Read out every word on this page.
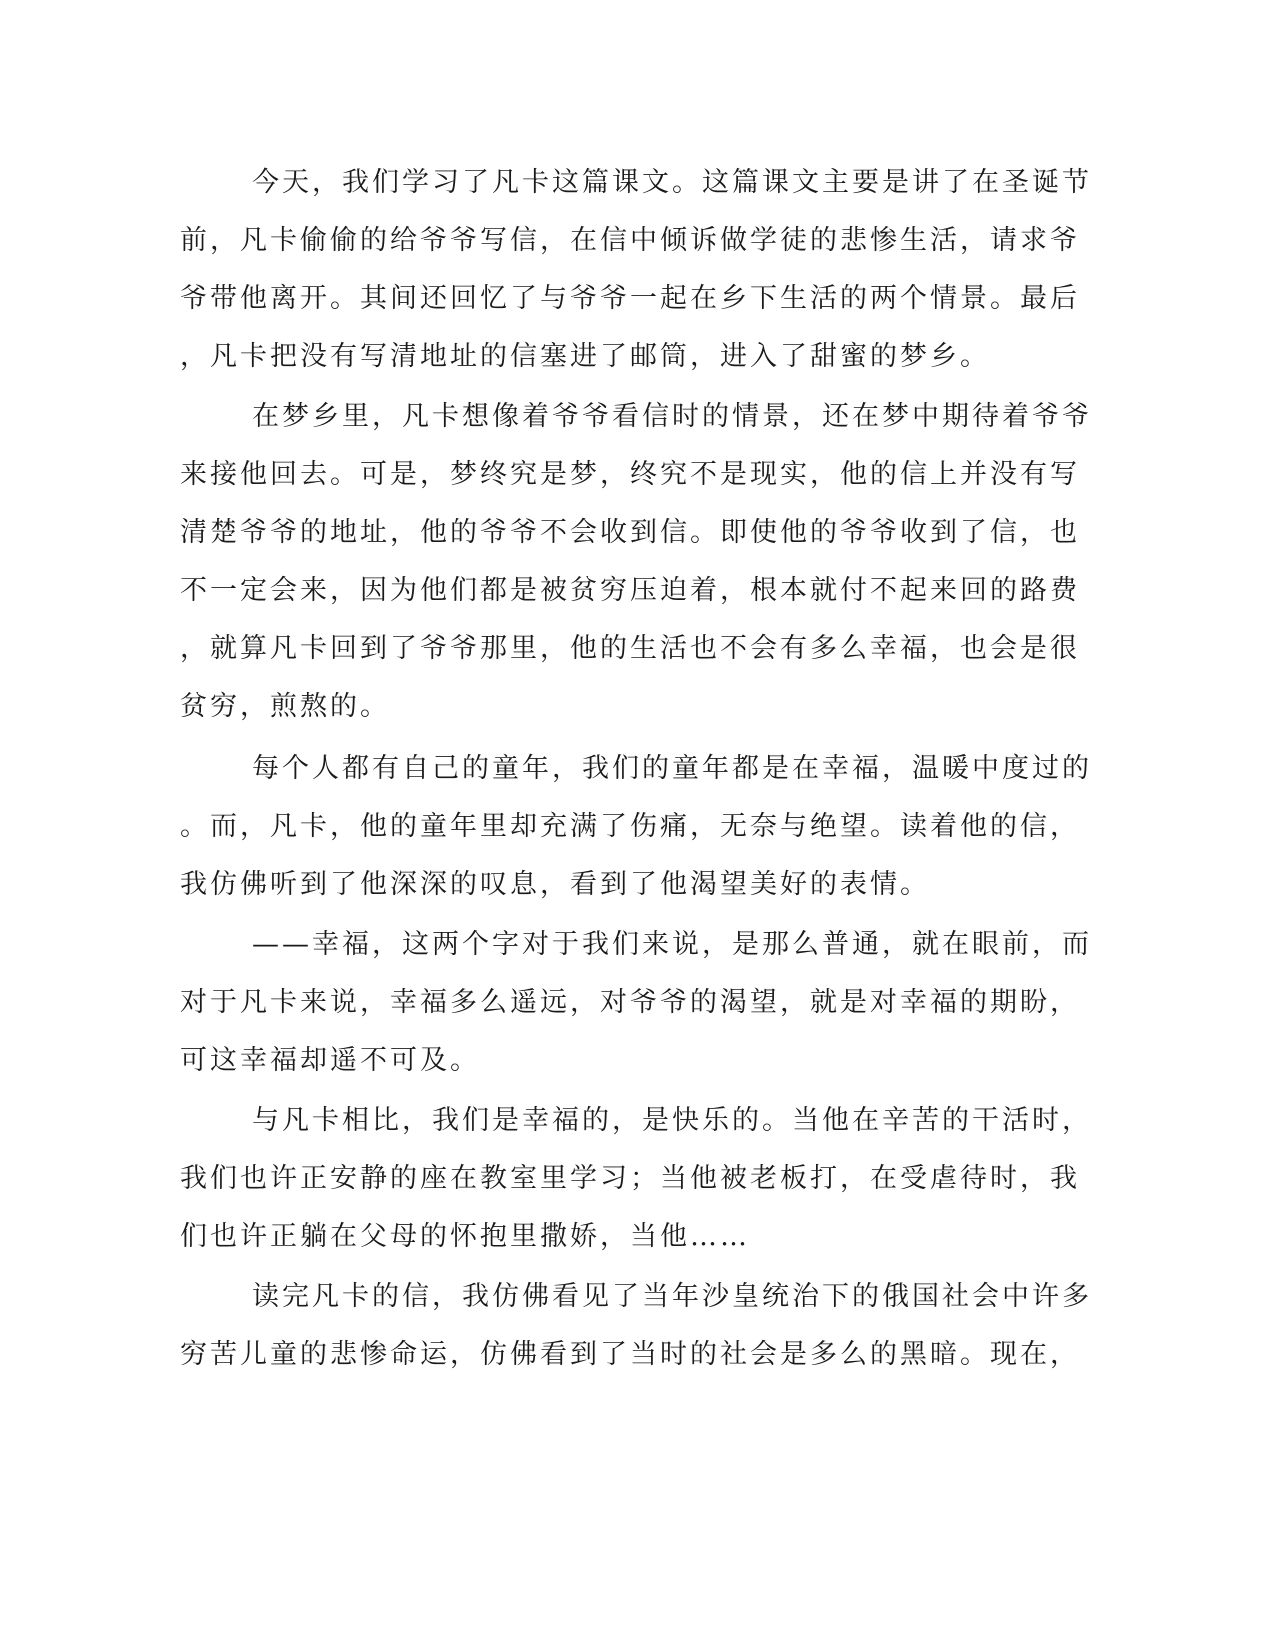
今天，我们学习了凡卡这篇课文。这篇课文主要是讲了在圣诞节
前，凡卡偷偷的给爷爷写信，在信中倾诉做学徒的悲惨生活，请求爷
爷带他离开。其间还回忆了与爷爷一起在乡下生活的两个情景。最后
，凡卡把没有写清地址的信塞进了邮筒，进入了甜蜜的梦乡。
在梦乡里，凡卡想像着爷爷看信时的情景，还在梦中期待着爷爷
来接他回去。可是，梦终究是梦，终究不是现实，他的信上并没有写
清楚爷爷的地址，他的爷爷不会收到信。即使他的爷爷收到了信，也
不一定会来，因为他们都是被贫穷压迫着，根本就付不起来回的路费
，就算凡卡回到了爷爷那里，他的生活也不会有多么幸福，也会是很
贫穷，煎熬的。
每个人都有自己的童年，我们的童年都是在幸福，温暖中度过的
。而，凡卡，他的童年里却充满了伤痛，无奈与绝望。读着他的信，
我仿佛听到了他深深的叹息，看到了他渴望美好的表情。
——幸福，这两个字对于我们来说，是那么普通，就在眼前，而
对于凡卡来说，幸福多么遥远，对爷爷的渴望，就是对幸福的期盼，
可这幸福却遥不可及。
与凡卡相比，我们是幸福的，是快乐的。当他在辛苦的干活时，
我们也许正安静的座在教室里学习；当他被老板打，在受虐待时，我
们也许正躺在父母的怀抱里撒娇，当他……
读完凡卡的信，我仿佛看见了当年沙皇统治下的俄国社会中许多
穷苦儿童的悲惨命运，仿佛看到了当时的社会是多么的黑暗。现在，
